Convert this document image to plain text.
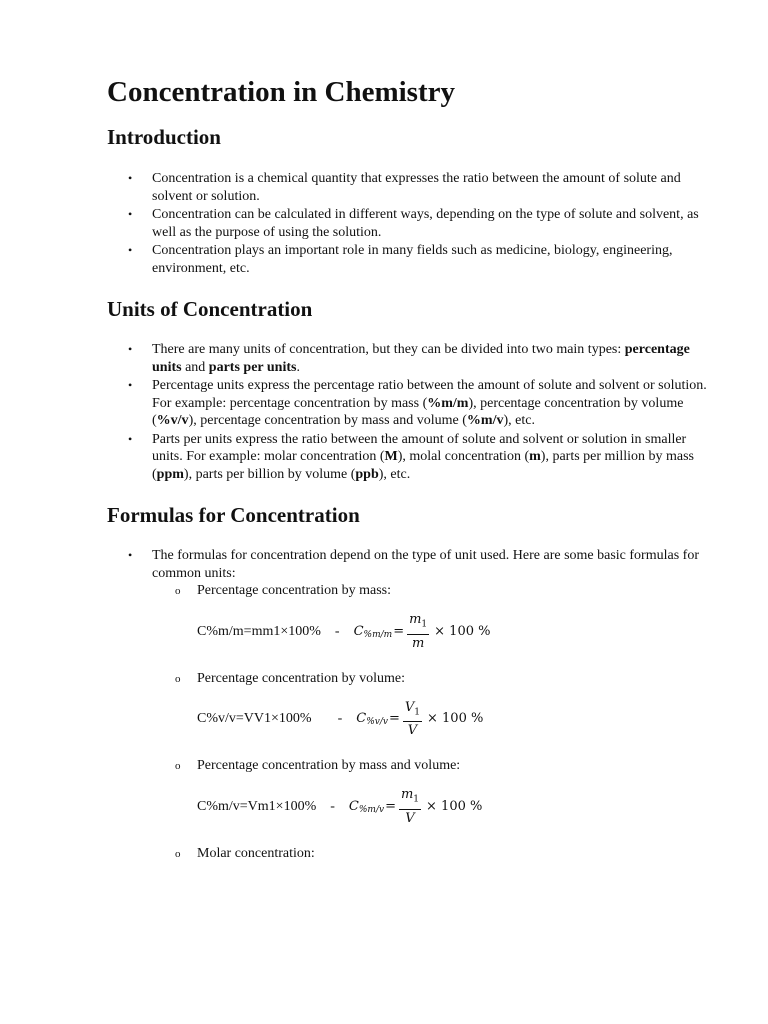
Concentration in Chemistry
Introduction
• Concentration is a chemical quantity that expresses the ratio between the amount of solute and solvent or solution.
• Concentration can be calculated in different ways, depending on the type of solute and solvent, as well as the purpose of using the solution.
• Concentration plays an important role in many fields such as medicine, biology, engineering, environment, etc.
Units of Concentration
• There are many units of concentration, but they can be divided into two main types: percentage units and parts per units.
• Percentage units express the percentage ratio between the amount of solute and solvent or solution. For example: percentage concentration by mass (%m/m), percentage concentration by volume (%v/v), percentage concentration by mass and volume (%m/v), etc.
• Parts per units express the ratio between the amount of solute and solvent or solution in smaller units. For example: molar concentration (M), molal concentration (m), parts per million by mass (ppm), parts per billion by volume (ppb), etc.
Formulas for Concentration
• The formulas for concentration depend on the type of unit used. Here are some basic formulas for common units:
o Percentage concentration by mass:
C%m/m=mm1×100% - C $\%m/m = \frac{m_1}{m} \times 100$ %
o Percentage concentration by volume:
C%v/v=VV1×100% - C $\%v/v = \frac{V_1}{V} \times 100$ %
o Percentage concentration by mass and volume:
C%m/v=Vm1×100% - C $\%m/v = \frac{m_1}{V} \times 100$ %
o Molar concentration:
